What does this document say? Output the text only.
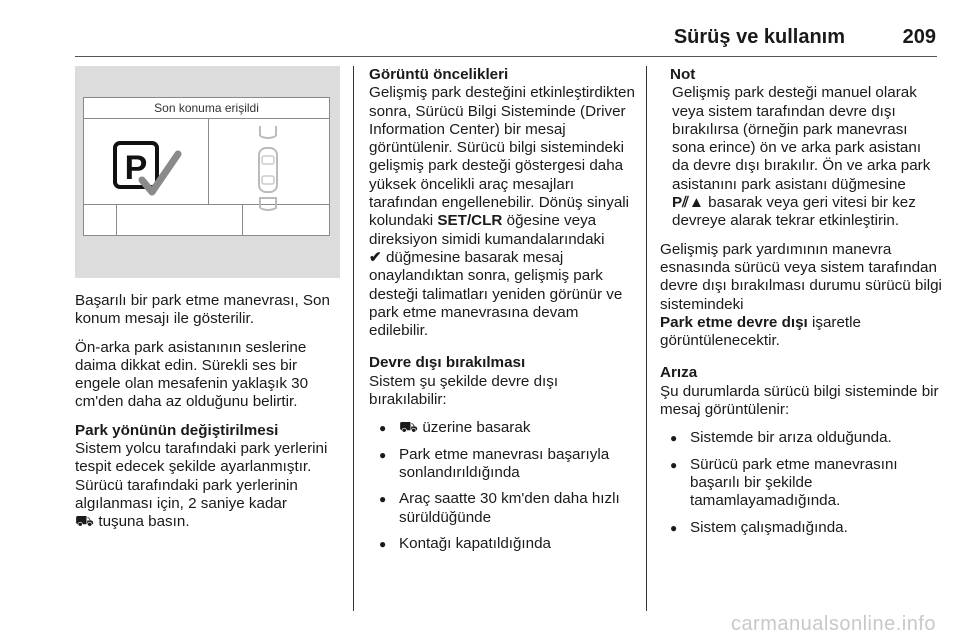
Sürüş ve kullanım	209
Son konuma erişildi
P

Başarılı bir park etme manevrası, Son konum mesajı ile gösterilir.

Ön-arka park asistanının seslerine daima dikkat edin. Sürekli ses bir engele olan mesafenin yaklaşık 30 cm'den daha az olduğunu belirtir.

Park yönünün değiştirilmesi
Sistem yolcu tarafındaki park yerlerini tespit edecek şekilde ayarlanmıştır. Sürücü tarafındaki park yerlerinin algılanması için, 2 saniye kadar
⛟ tuşuna basın.

Görüntü öncelikleri
Gelişmiş park desteğini etkinleştirdikten sonra, Sürücü Bilgi Sisteminde (Driver Information Center) bir mesaj görüntülenir. Sürücü bilgi sistemindeki gelişmiş park desteği göstergesi daha yüksek öncelikli araç mesajları tarafından engellenebilir. Dönüş sinyali kolundaki SET/CLR öğesine veya direksiyon simidi kumandalarındaki
✔ düğmesine basarak mesaj onaylandıktan sonra, gelişmiş park desteği talimatları yeniden görünür ve park etme manevrasına devam edilebilir.

Devre dışı bırakılması
Sistem şu şekilde devre dışı bırakılabilir:

● ⛟ üzerine basarak
● Park etme manevrası başarıyla sonlandırıldığında
● Araç saatte 30 km'den daha hızlı sürüldüğünde
● Kontağı kapatıldığında
Not
Gelişmiş park desteği manuel olarak veya sistem tarafından devre dışı bırakılırsa (örneğin park manevrası sona erince) ön ve arka park asistanı da devre dışı bırakılır. Ön ve arka park asistanını park asistanı düğmesine P⫽▲ basarak veya geri vitesi bir kez devreye alarak tekrar etkinleştirin.

Gelişmiş park yardımının manevra esnasında sürücü veya sistem tarafından devre dışı bırakılması durumu sürücü bilgi sistemindeki
Park etme devre dışı işaretle görüntülenecektir.

Arıza
Şu durumlarda sürücü bilgi sisteminde bir mesaj görüntülenir:

● Sistemde bir arıza olduğunda.
● Sürücü park etme manevrasını başarılı bir şekilde tamamlayamadığında.
● Sistem çalışmadığında.
carmanualsonline.info
